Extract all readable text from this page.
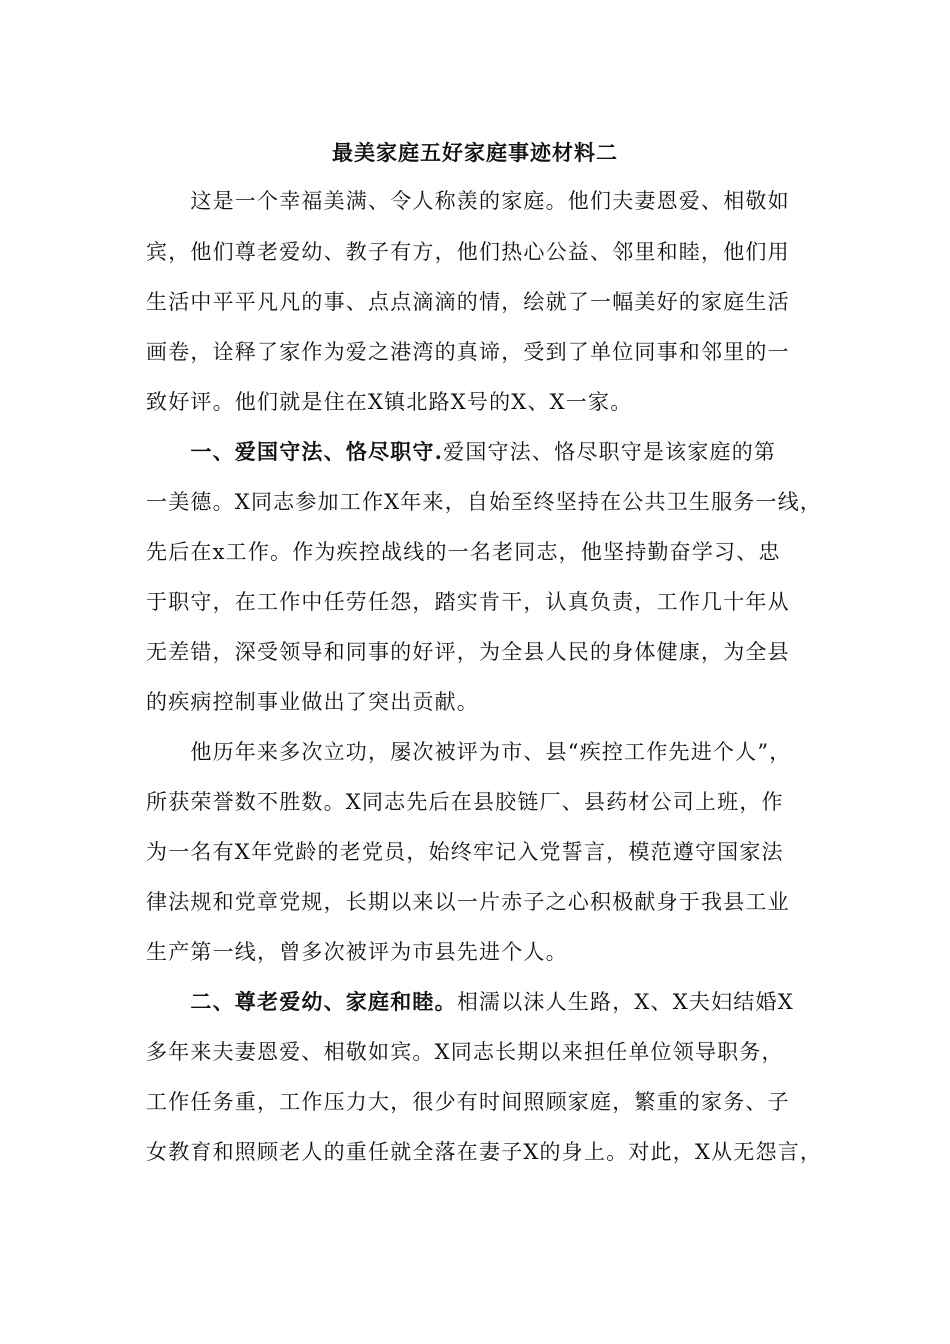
最美家庭五好家庭事迹材料二
　　这是一个幸福美满、令人称羡的家庭。他们夫妻恩爱、相敬如
宾，他们尊老爱幼、教子有方，他们热心公益、邻里和睦，他们用
生活中平平凡凡的事、点点滴滴的情，绘就了一幅美好的家庭生活
画卷，诠释了家作为爱之港湾的真谛，受到了单位同事和邻里的一
致好评。他们就是住在X镇北路X号的X、X一家。
　　一、爱国守法、恪尽职守.爱国守法、恪尽职守是该家庭的第
一美德。X同志参加工作X年来，自始至终坚持在公共卫生服务一线，
先后在x工作。作为疾控战线的一名老同志，他坚持勤奋学习、忠
于职守，在工作中任劳任怨，踏实肯干，认真负责，工作几十年从
无差错，深受领导和同事的好评，为全县人民的身体健康，为全县
的疾病控制事业做出了突出贡献。
　　他历年来多次立功，屡次被评为市、县“疾控工作先进个人”，
所获荣誉数不胜数。X同志先后在县胶链厂、县药材公司上班，作
为一名有X年党龄的老党员，始终牢记入党誓言，模范遵守国家法
律法规和党章党规，长期以来以一片赤子之心积极献身于我县工业
生产第一线，曾多次被评为市县先进个人。
　　二、尊老爱幼、家庭和睦。相濡以沫人生路，X、X夫妇结婚X
多年来夫妻恩爱、相敬如宾。X同志长期以来担任单位领导职务，
工作任务重，工作压力大，很少有时间照顾家庭，繁重的家务、子
女教育和照顾老人的重任就全落在妻子X的身上。对此，X从无怨言，
